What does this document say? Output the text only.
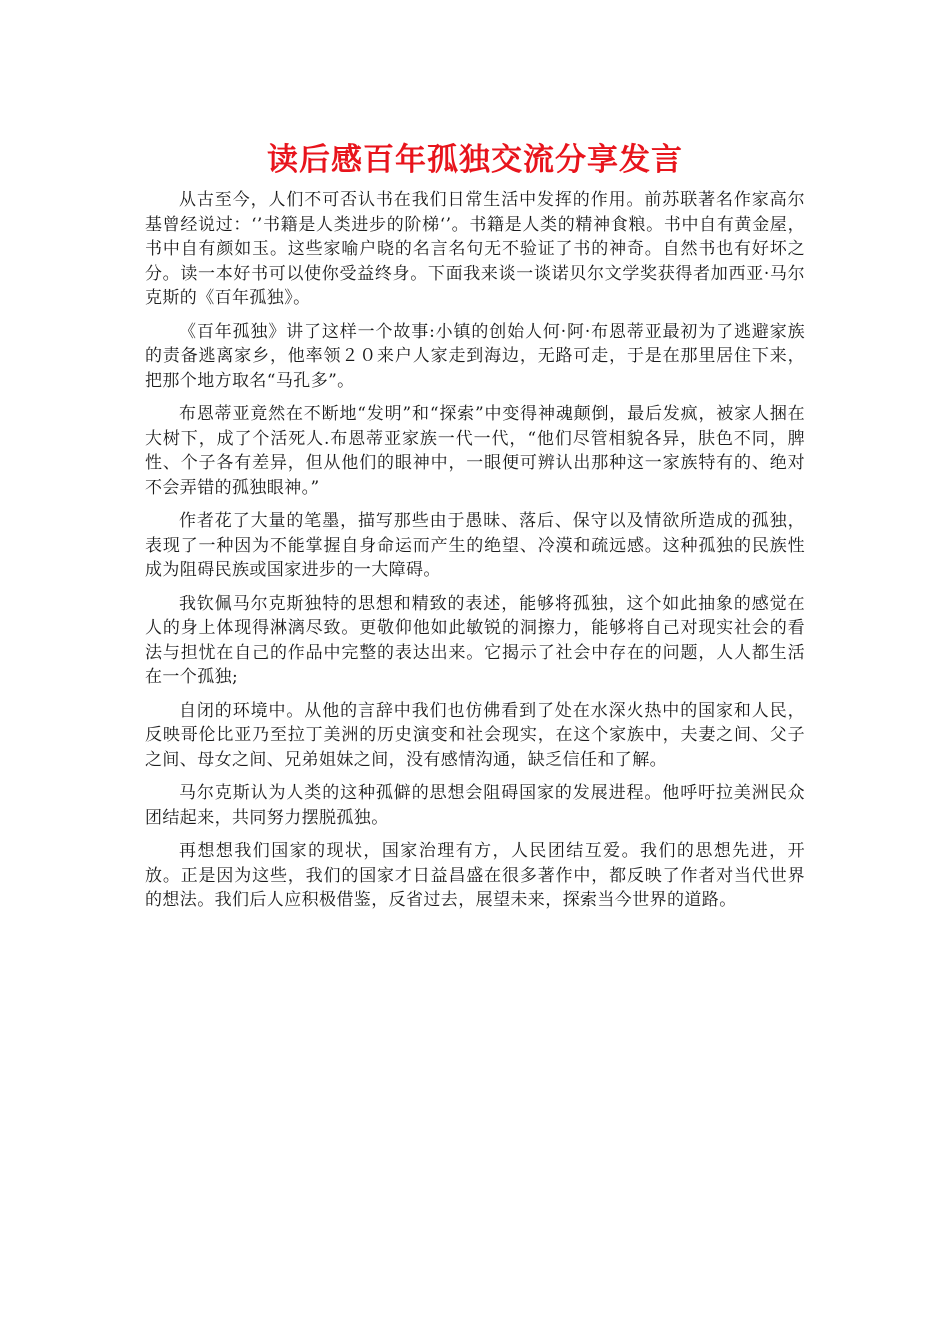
读后感百年孤独交流分享发言

从古至今，人们不可否认书在我们日常生活中发挥的作用。前苏联著名作家高尔基曾经说过：‘’书籍是人类进步的阶梯‘’。书籍是人类的精神食粮。书中自有黄金屋，书中自有颜如玉。这些家喻户晓的名言名句无不验证了书的神奇。自然书也有好坏之分。读一本好书可以使你受益终身。下面我来谈一谈诺贝尔文学奖获得者加西亚·马尔克斯的《百年孤独》。

《百年孤独》讲了这样一个故事:小镇的创始人何·阿·布恩蒂亚最初为了逃避家族的责备逃离家乡，他率领２０来户人家走到海边，无路可走，于是在那里居住下来，把那个地方取名“马孔多”。

布恩蒂亚竟然在不断地“发明”和“探索”中变得神魂颠倒，最后发疯，被家人捆在大树下，成了个活死人.布恩蒂亚家族一代一代，“他们尽管相貌各异，肤色不同，脾性、个子各有差异，但从他们的眼神中，一眼便可辨认出那种这一家族特有的、绝对不会弄错的孤独眼神。”

作者花了大量的笔墨，描写那些由于愚昧、落后、保守以及情欲所造成的孤独，表现了一种因为不能掌握自身命运而产生的绝望、冷漠和疏远感。这种孤独的民族性成为阻碍民族或国家进步的一大障碍。

我钦佩马尔克斯独特的思想和精致的表述，能够将孤独，这个如此抽象的感觉在人的身上体现得淋漓尽致。更敬仰他如此敏锐的洞擦力，能够将自己对现实社会的看法与担忧在自己的作品中完整的表达出来。它揭示了社会中存在的问题，人人都生活在一个孤独;

自闭的环境中。从他的言辞中我们也仿佛看到了处在水深火热中的国家和人民，反映哥伦比亚乃至拉丁美洲的历史演变和社会现实，在这个家族中，夫妻之间、父子之间、母女之间、兄弟姐妹之间，没有感情沟通，缺乏信任和了解。

马尔克斯认为人类的这种孤僻的思想会阻碍国家的发展进程。他呼吁拉美洲民众团结起来，共同努力摆脱孤独。

再想想我们国家的现状，国家治理有方，人民团结互爱。我们的思想先进，开放。正是因为这些，我们的国家才日益昌盛在很多著作中，都反映了作者对当代世界的想法。我们后人应积极借鉴，反省过去，展望未来，探索当今世界的道路。
